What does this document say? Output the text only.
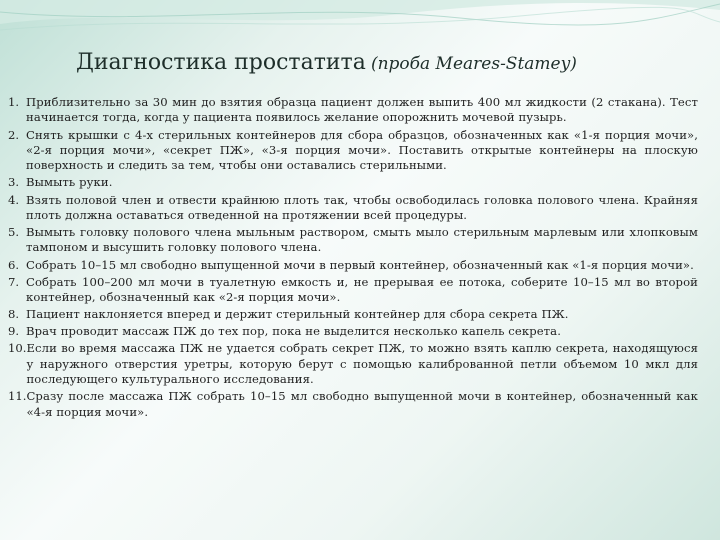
Диагностика простатита (проба Meares-Stamey)
1. Приблизительно за 30 мин до взятия образца пациент должен выпить 400 мл жидкости (2 стакана). Тест начинается тогда, когда у пациента появилось желание опорожнить мочевой пузырь.
2. Снять крышки с 4-х стерильных контейнеров для сбора образцов, обозначенных как «1-я порция мочи», «2-я порция мочи», «секрет ПЖ», «3-я порция мочи». Поставить открытые контейнеры на плоскую поверхность и следить за тем, чтобы они оставались стерильными.
3. Вымыть руки.
4. Взять половой член и отвести крайнюю плоть так, чтобы освободилась головка полового члена. Крайняя плоть должна оставаться отведенной на протяжении всей процедуры.
5. Вымыть головку полового члена мыльным раствором, смыть мыло стерильным марлевым или хлопковым тампоном и высушить головку полового члена.
6. Собрать 10–15 мл свободно выпущенной мочи в первый контейнер, обозначенный как «1-я порция мочи».
7. Собрать 100–200 мл мочи в туалетную емкость и, не прерывая ее потока, соберите 10–15 мл во второй контейнер, обозначенный как «2-я порция мочи».
8. Пациент наклоняется вперед и держит стерильный контейнер для сбора секрета ПЖ.
9. Врач проводит массаж ПЖ до тех пор, пока не выделится несколько капель секрета.
10. Если во время массажа ПЖ не удается собрать секрет ПЖ, то можно взять каплю секрета, находящуюся у наружного отверстия уретры, которую берут с помощью калиброванной петли объемом 10 мкл для последующего культурального исследования.
11. Сразу после массажа ПЖ собрать 10–15 мл свободно выпущенной мочи в контейнер, обозначенный как «4-я порция мочи».
